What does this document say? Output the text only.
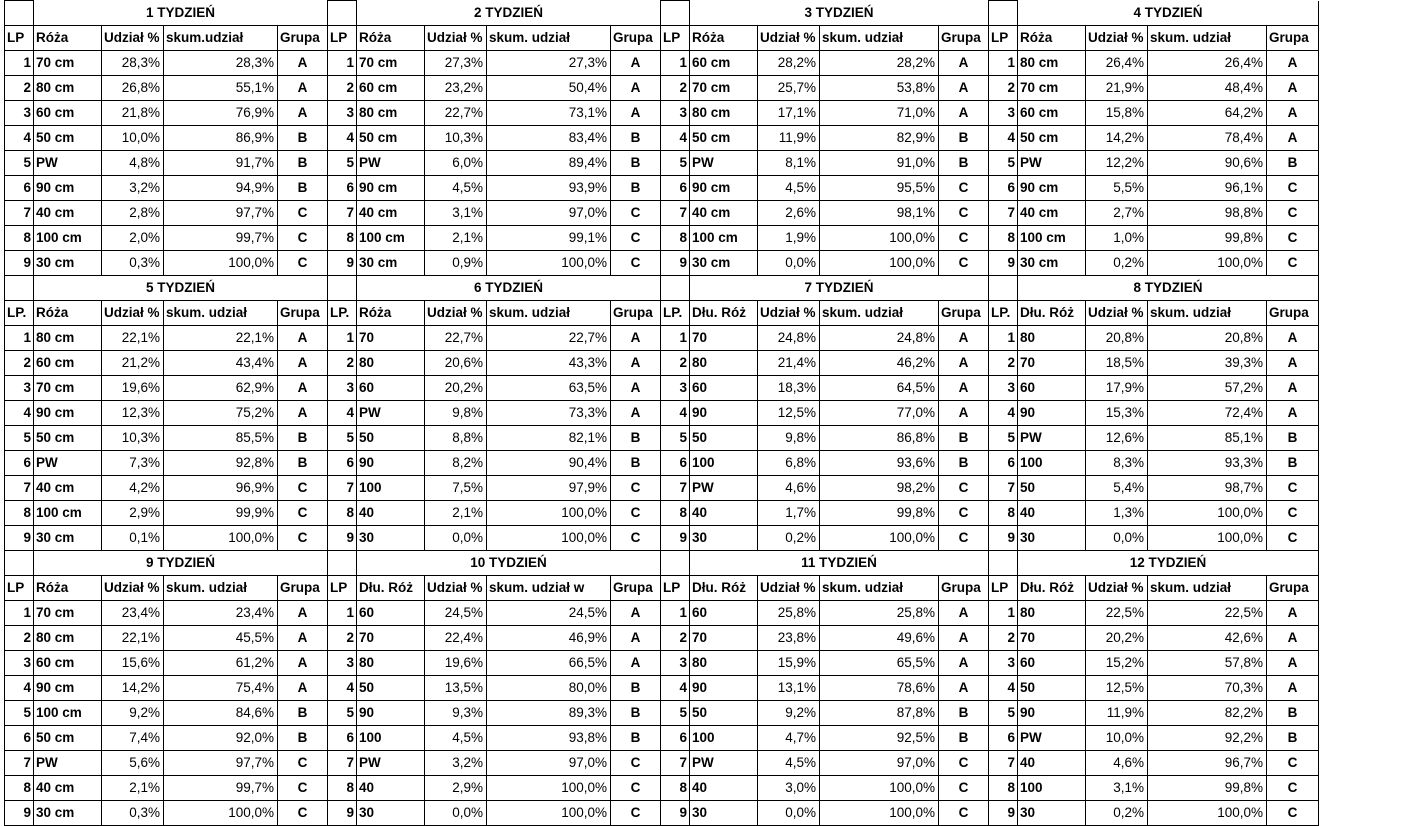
	1 TYDZIEŃ					2 TYDZIEŃ					3 TYDZIEŃ					4 TYDZIEŃ			
LP	Róża	Udział %	skum.udział	Grupa	LP	Róża	Udział %	skum. udział	Grupa	LP	Róża	Udział %	skum. udział	Grupa	LP	Róża	Udział %	skum. udział	Grupa
1	70 cm	28,3%	28,3%	A	1	70 cm	27,3%	27,3%	A	1	60 cm	28,2%	28,2%	A	1	80 cm	26,4%	26,4%	A
2	80 cm	26,8%	55,1%	A	2	60 cm	23,2%	50,4%	A	2	70 cm	25,7%	53,8%	A	2	70 cm	21,9%	48,4%	A
3	60 cm	21,8%	76,9%	A	3	80 cm	22,7%	73,1%	A	3	80 cm	17,1%	71,0%	A	3	60 cm	15,8%	64,2%	A
4	50 cm	10,0%	86,9%	B	4	50 cm	10,3%	83,4%	B	4	50 cm	11,9%	82,9%	B	4	50 cm	14,2%	78,4%	A
5	PW	4,8%	91,7%	B	5	PW	6,0%	89,4%	B	5	PW	8,1%	91,0%	B	5	PW	12,2%	90,6%	B
6	90 cm	3,2%	94,9%	B	6	90 cm	4,5%	93,9%	B	6	90 cm	4,5%	95,5%	C	6	90 cm	5,5%	96,1%	C
7	40 cm	2,8%	97,7%	C	7	40 cm	3,1%	97,0%	C	7	40 cm	2,6%	98,1%	C	7	40 cm	2,7%	98,8%	C
8	100 cm	2,0%	99,7%	C	8	100 cm	2,1%	99,1%	C	8	100 cm	1,9%	100,0%	C	8	100 cm	1,0%	99,8%	C
9	30 cm	0,3%	100,0%	C	9	30 cm	0,9%	100,0%	C	9	30 cm	0,0%	100,0%	C	9	30 cm	0,2%	100,0%	C
	5 TYDZIEŃ					6 TYDZIEŃ					7 TYDZIEŃ					8 TYDZIEŃ			
LP.	Róża	Udział %	skum. udział	Grupa	LP.	Róża	Udział %	skum. udział	Grupa	LP.	Dłu. Róż	Udział %	skum. udział	Grupa	LP.	Dłu. Róż	Udział %	skum. udział	Grupa
1	80 cm	22,1%	22,1%	A	1	70	22,7%	22,7%	A	1	70	24,8%	24,8%	A	1	80	20,8%	20,8%	A
2	60 cm	21,2%	43,4%	A	2	80	20,6%	43,3%	A	2	80	21,4%	46,2%	A	2	70	18,5%	39,3%	A
3	70 cm	19,6%	62,9%	A	3	60	20,2%	63,5%	A	3	60	18,3%	64,5%	A	3	60	17,9%	57,2%	A
4	90 cm	12,3%	75,2%	A	4	PW	9,8%	73,3%	A	4	90	12,5%	77,0%	A	4	90	15,3%	72,4%	A
5	50 cm	10,3%	85,5%	B	5	50	8,8%	82,1%	B	5	50	9,8%	86,8%	B	5	PW	12,6%	85,1%	B
6	PW	7,3%	92,8%	B	6	90	8,2%	90,4%	B	6	100	6,8%	93,6%	B	6	100	8,3%	93,3%	B
7	40 cm	4,2%	96,9%	C	7	100	7,5%	97,9%	C	7	PW	4,6%	98,2%	C	7	50	5,4%	98,7%	C
8	100 cm	2,9%	99,9%	C	8	40	2,1%	100,0%	C	8	40	1,7%	99,8%	C	8	40	1,3%	100,0%	C
9	30 cm	0,1%	100,0%	C	9	30	0,0%	100,0%	C	9	30	0,2%	100,0%	C	9	30	0,0%	100,0%	C
	9 TYDZIEŃ					10 TYDZIEŃ					11 TYDZIEŃ					12 TYDZIEŃ			
LP	Róża	Udział %	skum. udział	Grupa	LP	Dłu. Róż	Udział %	skum. udział w	Grupa	LP	Dłu. Róż	Udział %	skum. udział	Grupa	LP	Dłu. Róż	Udział %	skum. udział	Grupa
1	70 cm	23,4%	23,4%	A	1	60	24,5%	24,5%	A	1	60	25,8%	25,8%	A	1	80	22,5%	22,5%	A
2	80 cm	22,1%	45,5%	A	2	70	22,4%	46,9%	A	2	70	23,8%	49,6%	A	2	70	20,2%	42,6%	A
3	60 cm	15,6%	61,2%	A	3	80	19,6%	66,5%	A	3	80	15,9%	65,5%	A	3	60	15,2%	57,8%	A
4	90 cm	14,2%	75,4%	A	4	50	13,5%	80,0%	B	4	90	13,1%	78,6%	A	4	50	12,5%	70,3%	A
5	100 cm	9,2%	84,6%	B	5	90	9,3%	89,3%	B	5	50	9,2%	87,8%	B	5	90	11,9%	82,2%	B
6	50 cm	7,4%	92,0%	B	6	100	4,5%	93,8%	B	6	100	4,7%	92,5%	B	6	PW	10,0%	92,2%	B
7	PW	5,6%	97,7%	C	7	PW	3,2%	97,0%	C	7	PW	4,5%	97,0%	C	7	40	4,6%	96,7%	C
8	40 cm	2,1%	99,7%	C	8	40	2,9%	100,0%	C	8	40	3,0%	100,0%	C	8	100	3,1%	99,8%	C
9	30 cm	0,3%	100,0%	C	9	30	0,0%	100,0%	C	9	30	0,0%	100,0%	C	9	30	0,2%	100,0%	C
